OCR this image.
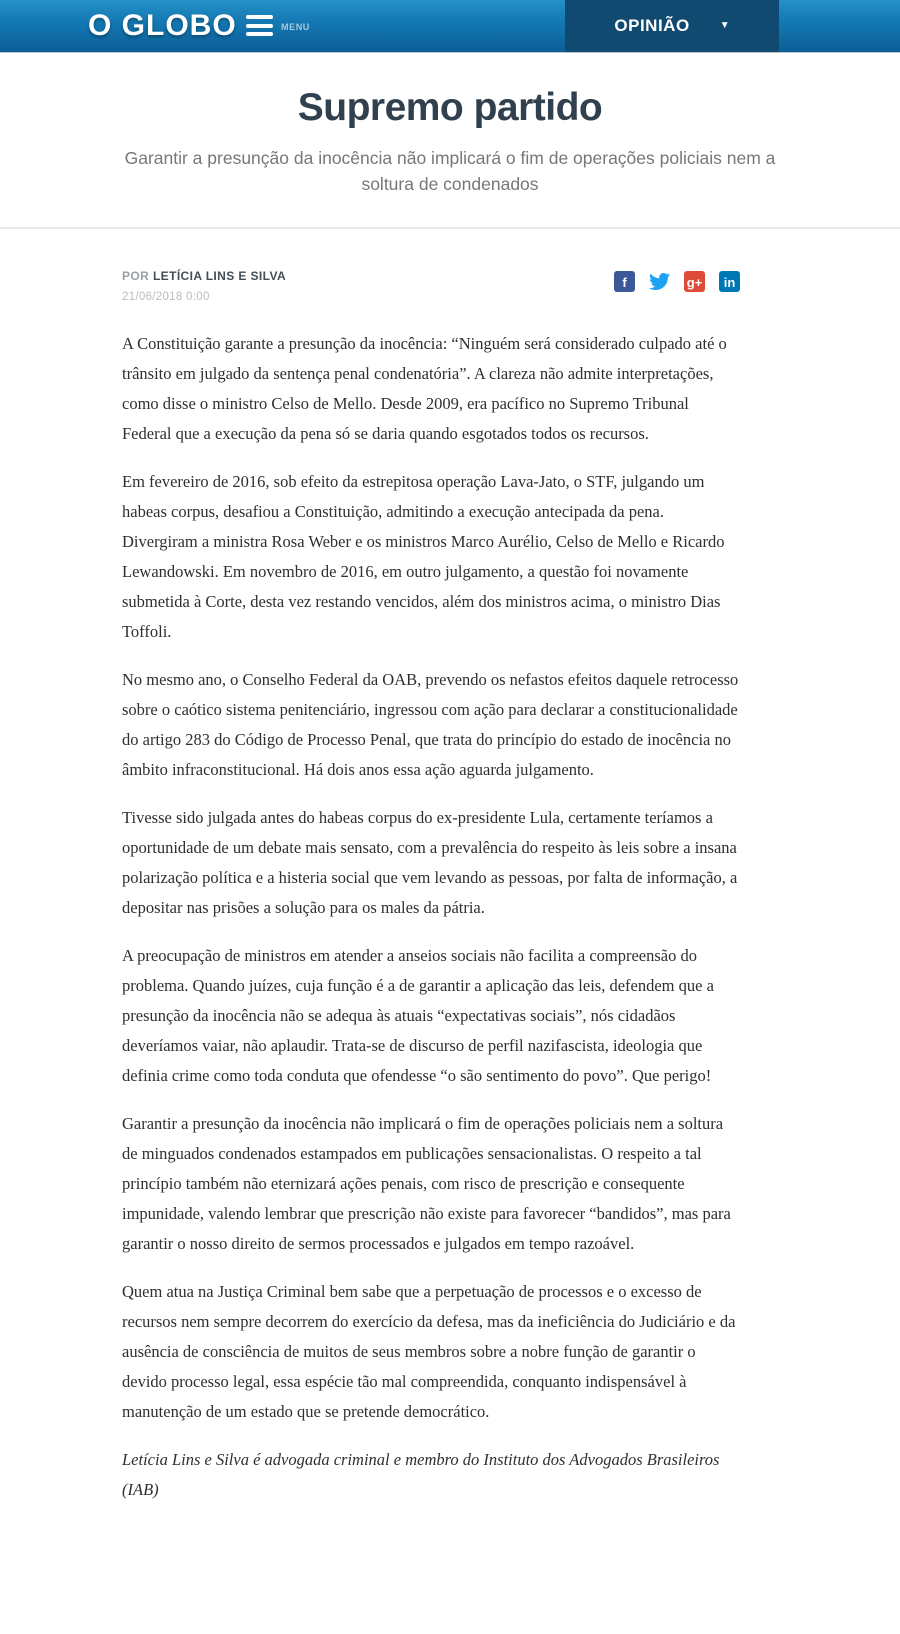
O GLOBO	MENU	OPINIÃO	▼
Supremo partido
Garantir a presunção da inocência não implicará o fim de operações policiais nem a soltura de condenados
POR LETÍCIA LINS E SILVA
21/06/2018 0:00
f	g+ in

A Constituição garante a presunção da inocência: “Ninguém será considerado culpado até o trânsito em julgado da sentença penal condenatória”. A clareza não admite interpretações, como disse o ministro Celso de Mello. Desde 2009, era pacífico no Supremo Tribunal Federal que a execução da pena só se daria quando esgotados todos os recursos.

Em fevereiro de 2016, sob efeito da estrepitosa operação Lava-Jato, o STF, julgando um habeas corpus, desafiou a Constituição, admitindo a execução antecipada da pena. Divergiram a ministra Rosa Weber e os ministros Marco Aurélio, Celso de Mello e Ricardo Lewandowski. Em novembro de 2016, em outro julgamento, a questão foi novamente submetida à Corte, desta vez restando vencidos, além dos ministros acima, o ministro Dias Toffoli.

No mesmo ano, o Conselho Federal da OAB, prevendo os nefastos efeitos daquele retrocesso sobre o caótico sistema penitenciário, ingressou com ação para declarar a constitucionalidade do artigo 283 do Código de Processo Penal, que trata do princípio do estado de inocência no âmbito infraconstitucional. Há dois anos essa ação aguarda julgamento.

Tivesse sido julgada antes do habeas corpus do ex-presidente Lula, certamente teríamos a oportunidade de um debate mais sensato, com a prevalência do respeito às leis sobre a insana polarização política e a histeria social que vem levando as pessoas, por falta de informação, a depositar nas prisões a solução para os males da pátria.

A preocupação de ministros em atender a anseios sociais não facilita a compreensão do problema. Quando juízes, cuja função é a de garantir a aplicação das leis, defendem que a presunção da inocência não se adequa às atuais “expectativas sociais”, nós cidadãos deveríamos vaiar, não aplaudir. Trata-se de discurso de perfil nazifascista, ideologia que definia crime como toda conduta que ofendesse “o são sentimento do povo”. Que perigo!

Garantir a presunção da inocência não implicará o fim de operações policiais nem a soltura de minguados condenados estampados em publicações sensacionalistas. O respeito a tal princípio também não eternizará ações penais, com risco de prescrição e consequente impunidade, valendo lembrar que prescrição não existe para favorecer “bandidos”, mas para garantir o nosso direito de sermos processados e julgados em tempo razoável.

Quem atua na Justiça Criminal bem sabe que a perpetuação de processos e o excesso de recursos nem sempre decorrem do exercício da defesa, mas da ineficiência do Judiciário e da ausência de consciência de muitos de seus membros sobre a nobre função de garantir o devido processo legal, essa espécie tão mal compreendida, conquanto indispensável à manutenção de um estado que se pretende democrático.

Letícia Lins e Silva é advogada criminal e membro do Instituto dos Advogados Brasileiros (IAB)
